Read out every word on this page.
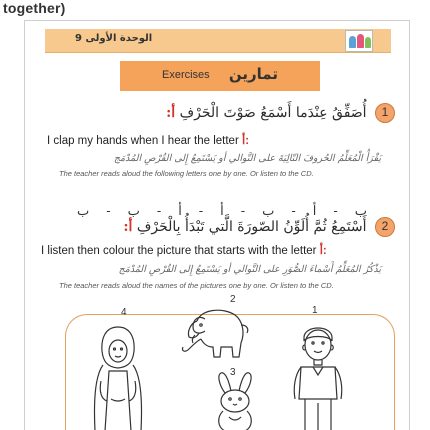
together)
الوحدة الأولى 9
Exercises تمارين
1 أُصَفِّقُ عِنْدَما أَسْمَعُ صَوْتَ الْحَرْفِ أ:
I clap my hands when I hear the letter أ:
يَقْرَأُ الْمُعَلِّمُ الحُروفَ التّالِيَةَ على التَّوالي أو يَسْتَمِعُ إِلى القُرْصِ المُدْمَج
The teacher reads aloud the following letters one by one. Or listen to the CD.
ب - ب - أ - أ - ب - أ - ب
2 أَسْتَمِعُ ثُمَّ أُلَوِّنُ الصّورَةَ الَّتي تَبْدَأُ بِالْحَرْفِ أ:
I listen then colour the picture that starts with the letter أ:
يَذْكُرُ المُعَلِّمُ أَسْماءَ الصُّوَرِ على التَّوالي أو يَسْتَمِعُ إِلى القُرْصِ المُدْمَج
The teacher reads aloud the names of the pictures one by one. Or listen to the CD.
4
2
1
3
